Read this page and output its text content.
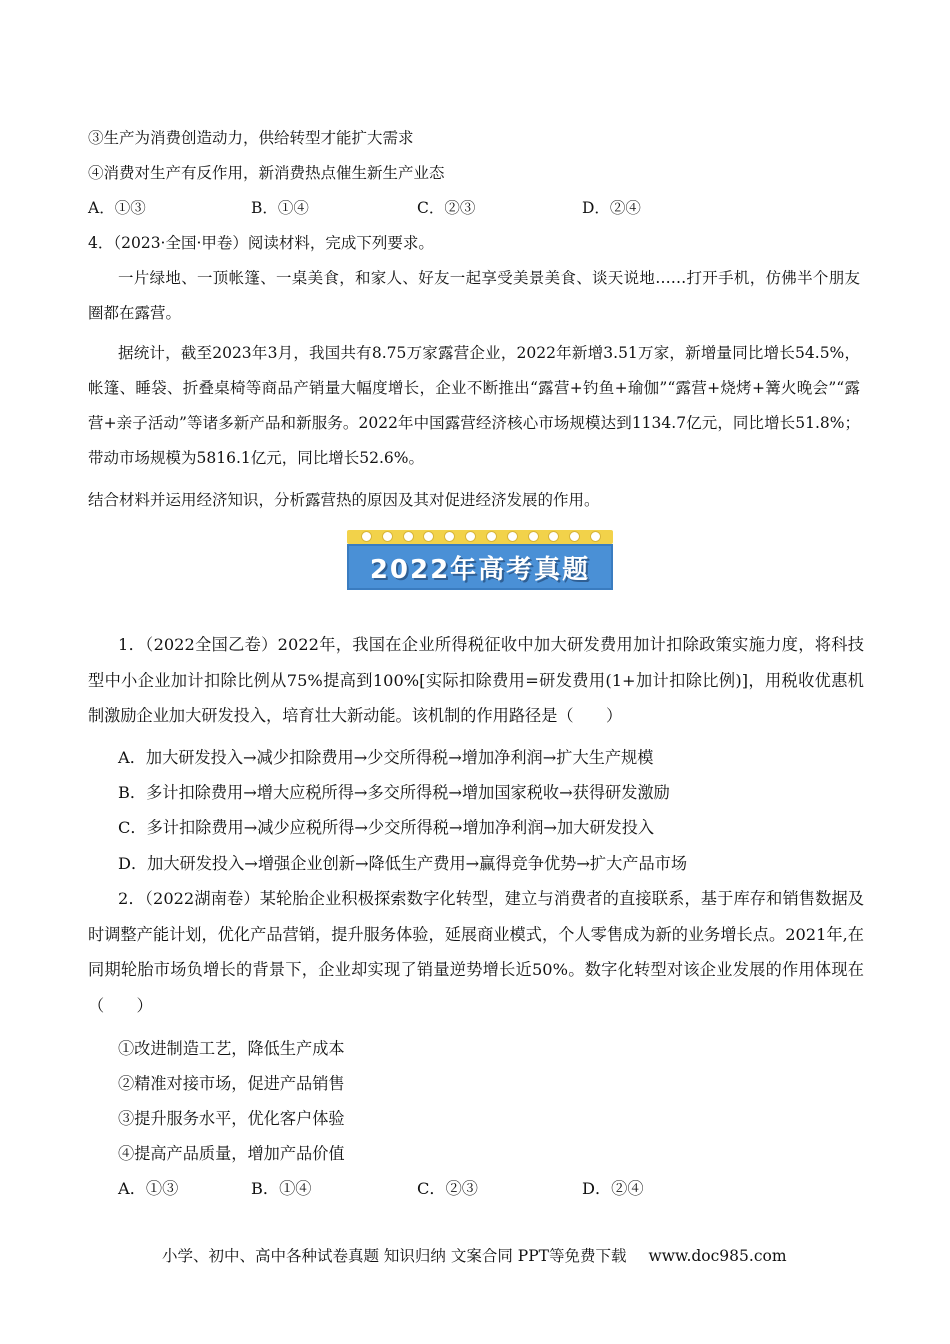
③生产为消费创造动力，供给转型才能扩大需求
④消费对生产有反作用，新消费热点催生新生产业态
A．①③	B．①④	C．②③	D．②④
4．（2023·全国·甲卷）阅读材料，完成下列要求。
一片绿地、一顶帐篷、一桌美食，和家人、好友一起享受美景美食、谈天说地……打开手机，仿佛半个朋友圈都在露营。
据统计，截至2023年3月，我国共有8.75万家露营企业，2022年新增3.51万家，新增量同比增长54.5%，帐篷、睡袋、折叠桌椅等商品产销量大幅度增长，企业不断推出“露营+钓鱼+瑜伽”“露营+烧烤+篝火晚会”“露营+亲子活动”等诸多新产品和新服务。2022年中国露营经济核心市场规模达到1134.7亿元，同比增长51.8%；带动市场规模为5816.1亿元，同比增长52.6%。
结合材料并运用经济知识，分析露营热的原因及其对促进经济发展的作用。
2022年高考真题
1．（2022全国乙卷）2022年，我国在企业所得税征收中加大研发费用加计扣除政策实施力度，将科技型中小企业加计扣除比例从75%提高到100%[实际扣除费用=研发费用(1+加计扣除比例)]，用税收优惠机制激励企业加大研发投入，培育壮大新动能。该机制的作用路径是（　　）
A．加大研发投入→减少扣除费用→少交所得税→增加净利润→扩大生产规模
B．多计扣除费用→增大应税所得→多交所得税→增加国家税收→获得研发激励
C．多计扣除费用→减少应税所得→少交所得税→增加净利润→加大研发投入
D．加大研发投入→增强企业创新→降低生产费用→赢得竞争优势→扩大产品市场
2．（2022湖南卷）某轮胎企业积极探索数字化转型，建立与消费者的直接联系，基于库存和销售数据及时调整产能计划，优化产品营销，提升服务体验，延展商业模式，个人零售成为新的业务增长点。2021年,在同期轮胎市场负增长的背景下，企业却实现了销量逆势增长近50%。数字化转型对该企业发展的作用体现在（　　）
①改进制造工艺，降低生产成本
②精准对接市场，促进产品销售
③提升服务水平，优化客户体验
④提高产品质量，增加产品价值
A．①③	B．①④	C．②③	D．②④
小学、初中、高中各种试卷真题 知识归纳 文案合同 PPT等免费下载 www.doc985.com
